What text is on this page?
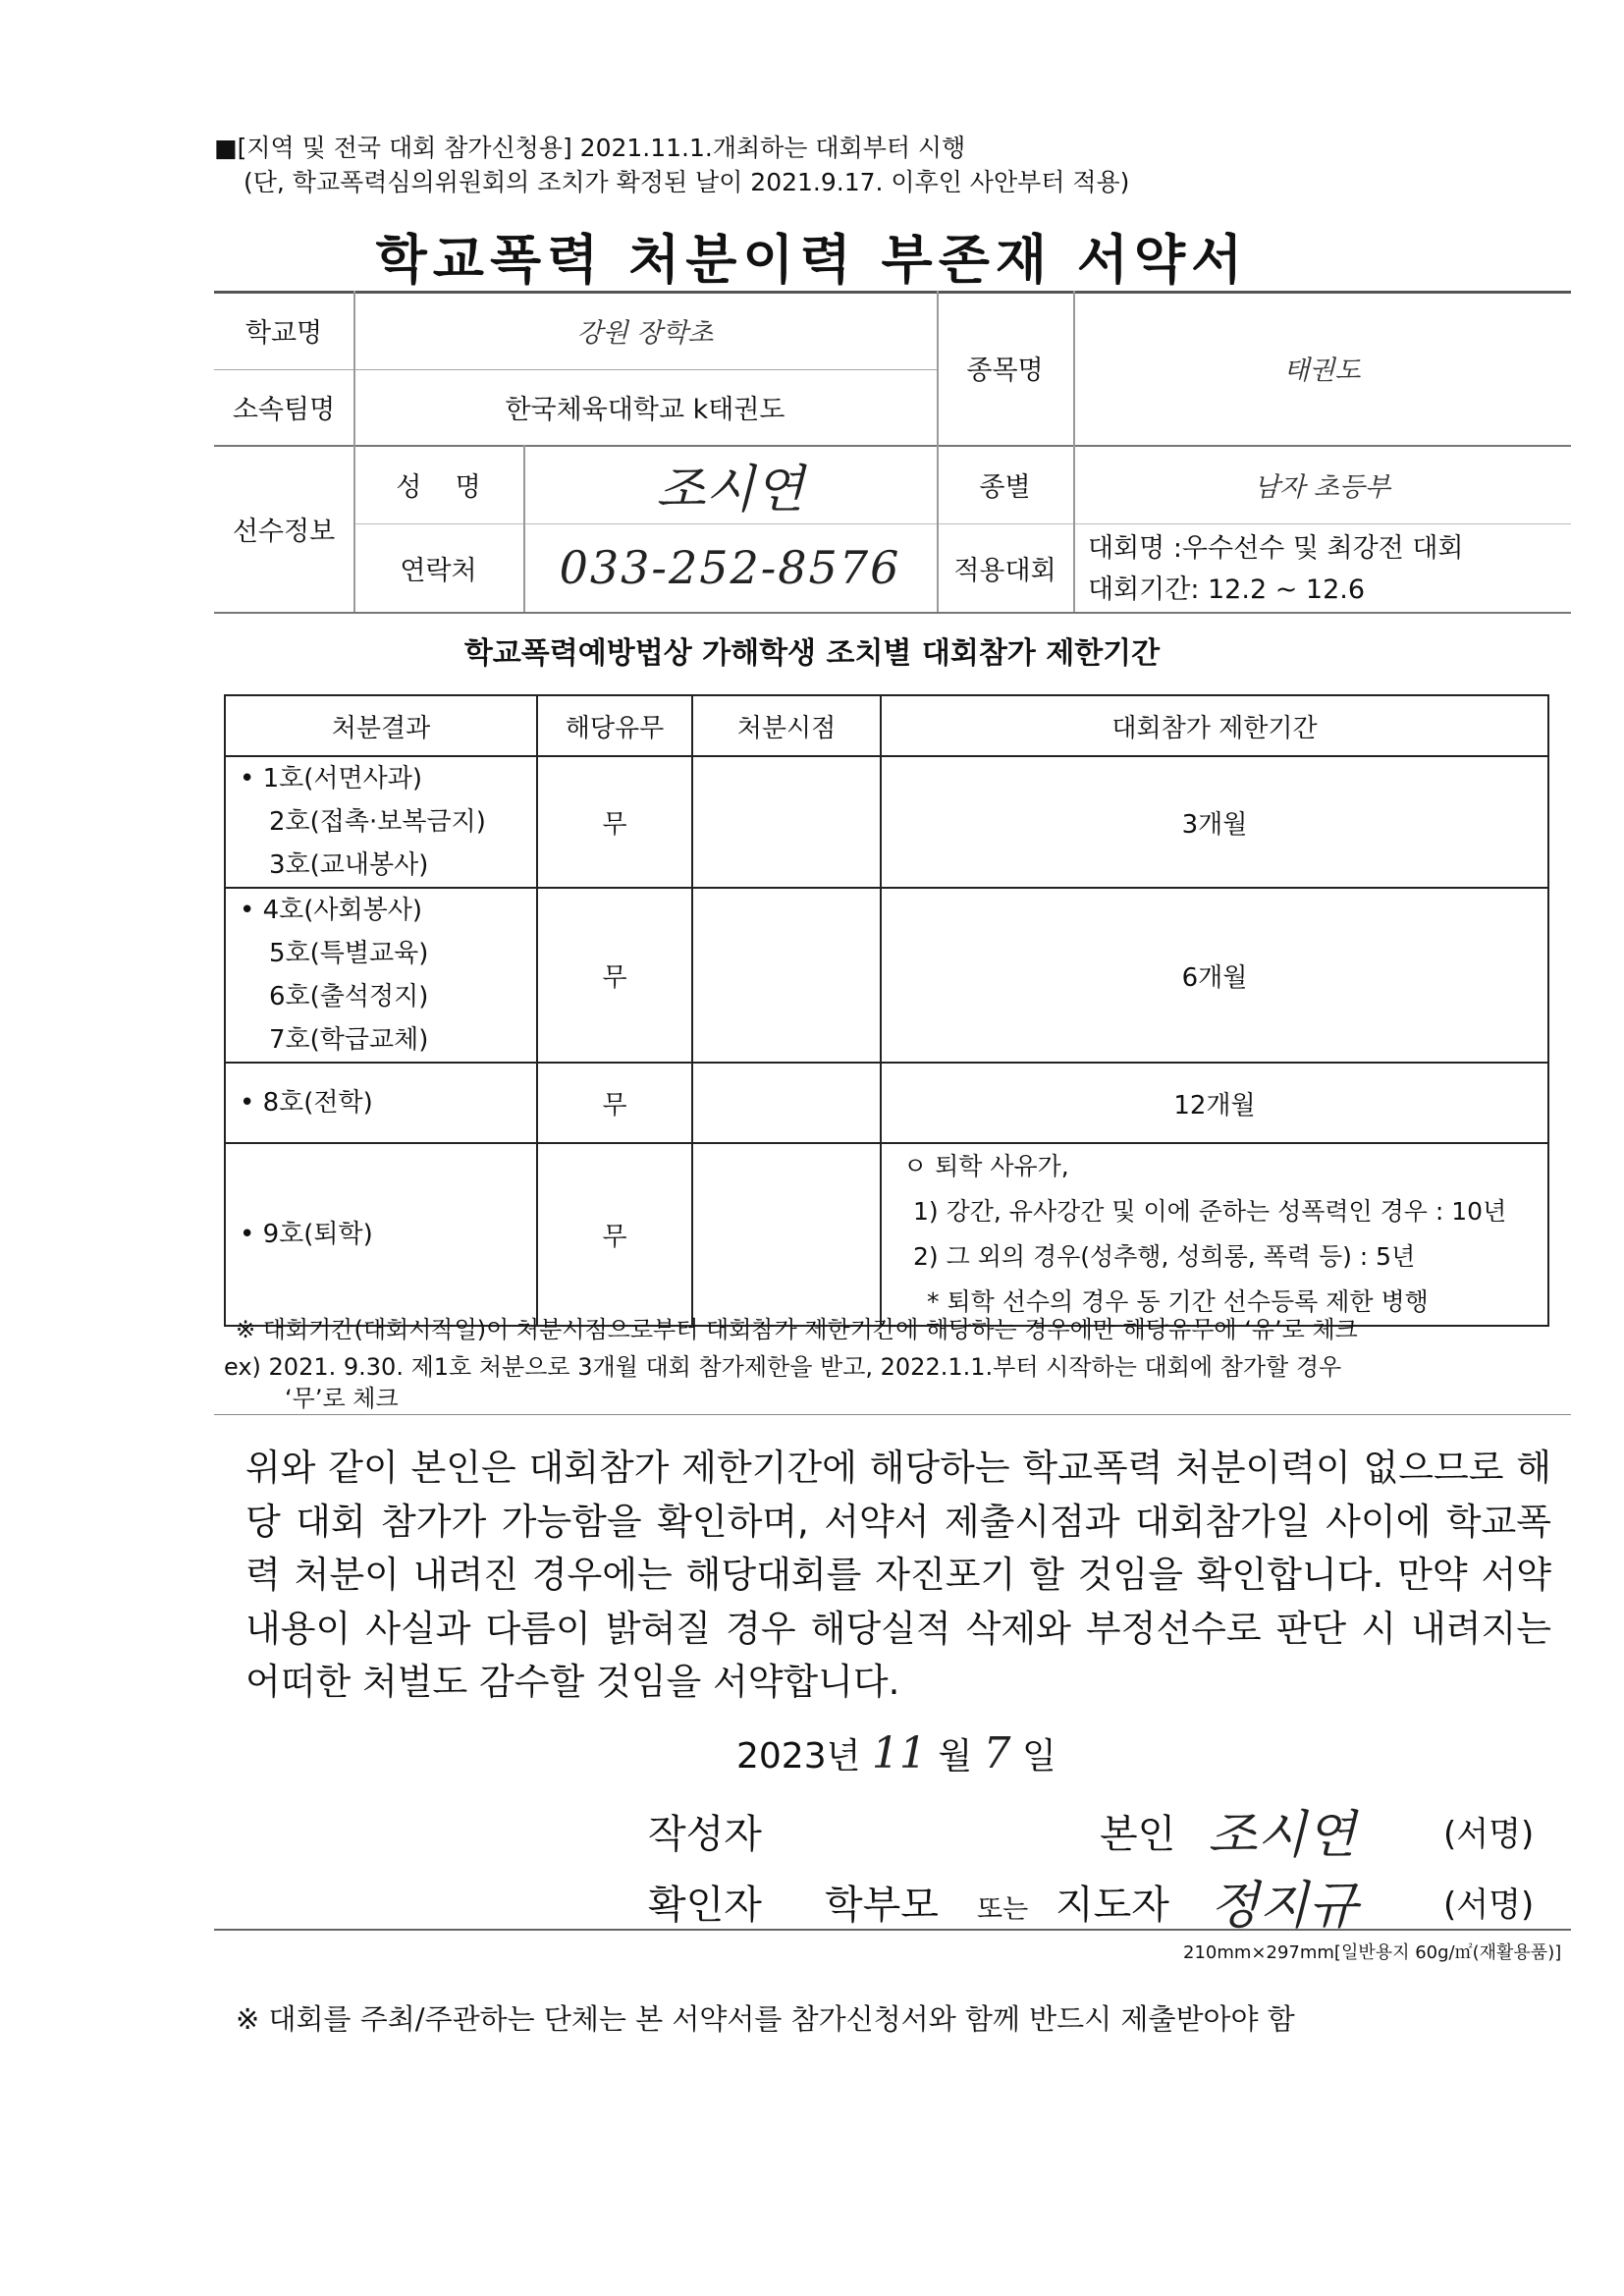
■[지역 및 전국 대회 참가신청용] 2021.11.1.개최하는 대회부터 시행
(단, 학교폭력심의위원회의 조치가 확정된 날이 2021.9.17. 이후인 사안부터 적용)
학교폭력 처분이력 부존재 서약서
학교명	강원 장학초
소속팀명	한국체육대학교 k태권도
종목명	태권도
선수정보
성    명	조시연	종별	남자 초등부
연락처	033-252-8576	적용대회
대회명 :우수선수 및 최강전 대회
대회기간: 12.2 ~ 12.6
학교폭력예방법상 가해학생 조치별 대회참가 제한기간
처분결과	해당유무	처분시점	대회참가 제한기간

• 1호(서면사과)
2호(접촉·보복금지)
3호(교내봉사)	무		3개월

• 4호(사회봉사)
5호(특별교육)
6호(출석정지)
7호(학급교체)	무		6개월

• 8호(전학)	무		12개월

• 9호(퇴학)	무		ㅇ 퇴학 사유가,
1) 강간, 유사강간 및 이에 준하는 성폭력인 경우 : 10년
2) 그 외의 경우(성추행, 성희롱, 폭력 등) : 5년
* 퇴학 선수의 경우 동 기간 선수등록 제한 병행
※ 대회기간(대회시작일)이 처분시점으로부터 대회참가 제한기간에 해당하는 경우에만 해당유무에 ‘유’로 체크
ex) 2021. 9.30. 제1호 처분으로 3개월 대회 참가제한을 받고, 2022.1.1.부터 시작하는 대회에 참가할 경우
‘무’로 체크
위와 같이 본인은 대회참가 제한기간에 해당하는 학교폭력 처분이력이 없으므로 해당 대회 참가가 가능함을 확인하며, 서약서 제출시점과 대회참가일 사이에 학교폭력 처분이 내려진 경우에는 해당대회를 자진포기 할 것임을 확인합니다. 만약 서약내용이 사실과 다름이 밝혀질 경우 해당실적 삭제와 부정선수로 판단 시 내려지는 어떠한 처벌도 감수할 것임을 서약합니다.
2023년 11 월 7 일
작성자	본인 조시연	(서명)
확인자 학부모 또는 지도자 정지규	(서명)
210mm×297mm[일반용지 60g/㎡(재활용품)]
※ 대회를 주최/주관하는 단체는 본 서약서를 참가신청서와 함께 반드시 제출받아야 함
